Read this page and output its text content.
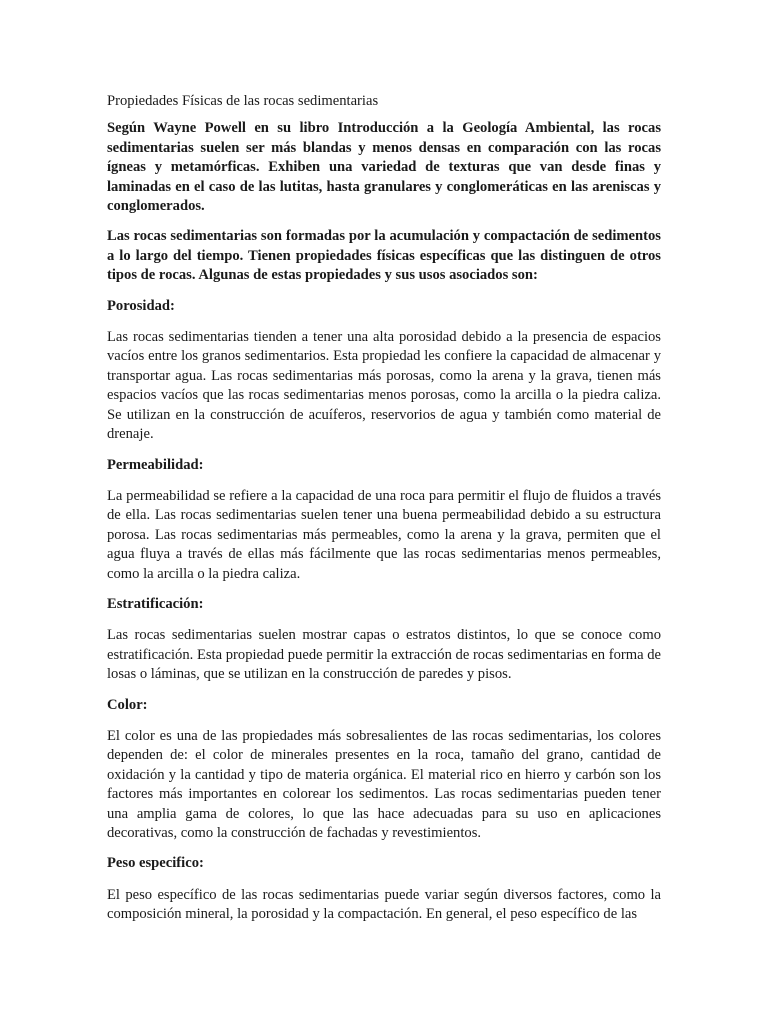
Propiedades Físicas de las rocas sedimentarias

Según Wayne Powell en su libro Introducción a la Geología Ambiental, las rocas sedimentarias suelen ser más blandas y menos densas en comparación con las rocas ígneas y metamórficas. Exhiben una variedad de texturas que van desde finas y laminadas en el caso de las lutitas, hasta granulares y conglomeráticas en las areniscas y conglomerados.

Las rocas sedimentarias son formadas por la acumulación y compactación de sedimentos a lo largo del tiempo. Tienen propiedades físicas específicas que las distinguen de otros tipos de rocas. Algunas de estas propiedades y sus usos asociados son:

Porosidad:

Las rocas sedimentarias tienden a tener una alta porosidad debido a la presencia de espacios vacíos entre los granos sedimentarios. Esta propiedad les confiere la capacidad de almacenar y transportar agua. Las rocas sedimentarias más porosas, como la arena y la grava, tienen más espacios vacíos que las rocas sedimentarias menos porosas, como la arcilla o la piedra caliza. Se utilizan en la construcción de acuíferos, reservorios de agua y también como material de drenaje.

Permeabilidad:

La permeabilidad se refiere a la capacidad de una roca para permitir el flujo de fluidos a través de ella. Las rocas sedimentarias suelen tener una buena permeabilidad debido a su estructura porosa. Las rocas sedimentarias más permeables, como la arena y la grava, permiten que el agua fluya a través de ellas más fácilmente que las rocas sedimentarias menos permeables, como la arcilla o la piedra caliza.

Estratificación:

Las rocas sedimentarias suelen mostrar capas o estratos distintos, lo que se conoce como estratificación. Esta propiedad puede permitir la extracción de rocas sedimentarias en forma de losas o láminas, que se utilizan en la construcción de paredes y pisos.

Color:

El color es una de las propiedades más sobresalientes de las rocas sedimentarias, los colores dependen de: el color de minerales presentes en la roca, tamaño del grano, cantidad de oxidación y la cantidad y tipo de materia orgánica. El material rico en hierro y carbón son los factores más importantes en colorear los sedimentos. Las rocas sedimentarias pueden tener una amplia gama de colores, lo que las hace adecuadas para su uso en aplicaciones decorativas, como la construcción de fachadas y revestimientos.

Peso especifico:

El peso específico de las rocas sedimentarias puede variar según diversos factores, como la composición mineral, la porosidad y la compactación. En general, el peso específico de las
